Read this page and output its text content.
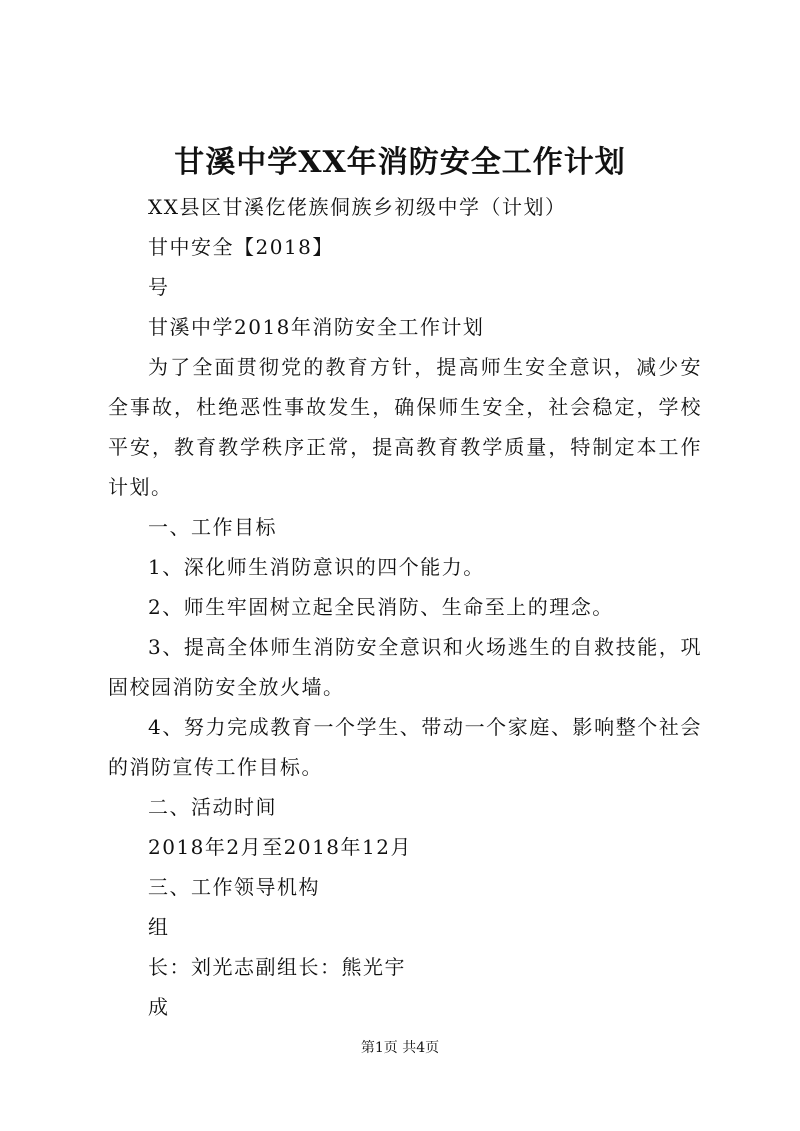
甘溪中学XX年消防安全工作计划

XX县区甘溪仡佬族侗族乡初级中学（计划）

甘中安全【2018】

号

甘溪中学2018年消防安全工作计划

为了全面贯彻党的教育方针，提高师生安全意识，减少安全事故，杜绝恶性事故发生，确保师生安全，社会稳定，学校平安，教育教学秩序正常，提高教育教学质量，特制定本工作计划。

一、工作目标

1、深化师生消防意识的四个能力。

2、师生牢固树立起全民消防、生命至上的理念。

3、提高全体师生消防安全意识和火场逃生的自救技能，巩固校园消防安全放火墙。

4、努力完成教育一个学生、带动一个家庭、影响整个社会的消防宣传工作目标。

二、活动时间

2018年2月至2018年12月

三、工作领导机构

组

长：刘光志副组长：熊光宇

成

第1页 共4页
